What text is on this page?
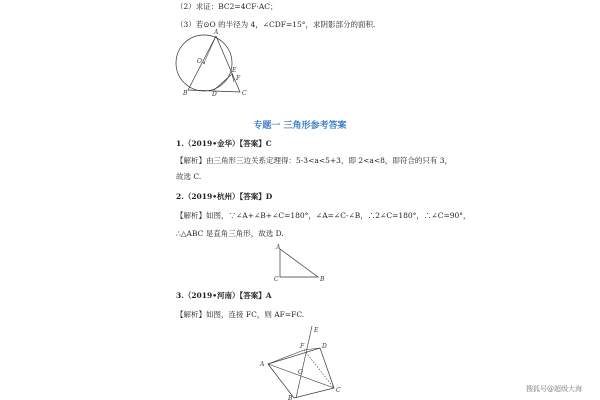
（2）求证：BC2=4CF·AC；
（3）若⊙O 的半径为 4，∠CDF=15°，求阴影部分的面积.
A
O
E
F
B	D	C
专题一 三角形参考答案
1.（2019•金华）【答案】C
【解析】由三角形三边关系定理得：5-3<a<5+3，即 2<a<8，即符合的只有 3，
故选 C.
2.（2019•杭州）【答案】D
【解析】如图，∵∠A+∠B+∠C=180°，∠A=∠C-∠B，∴2∠C=180°，∴∠C=90°，
∴△ABC 是直角三角形，故选 D.
A
C	B
3.（2019•河南）【答案】A
【解析】如图，连接 FC，则 AF=FC.
E
F	D
A
O
B
C	搜狐号@超级大海
